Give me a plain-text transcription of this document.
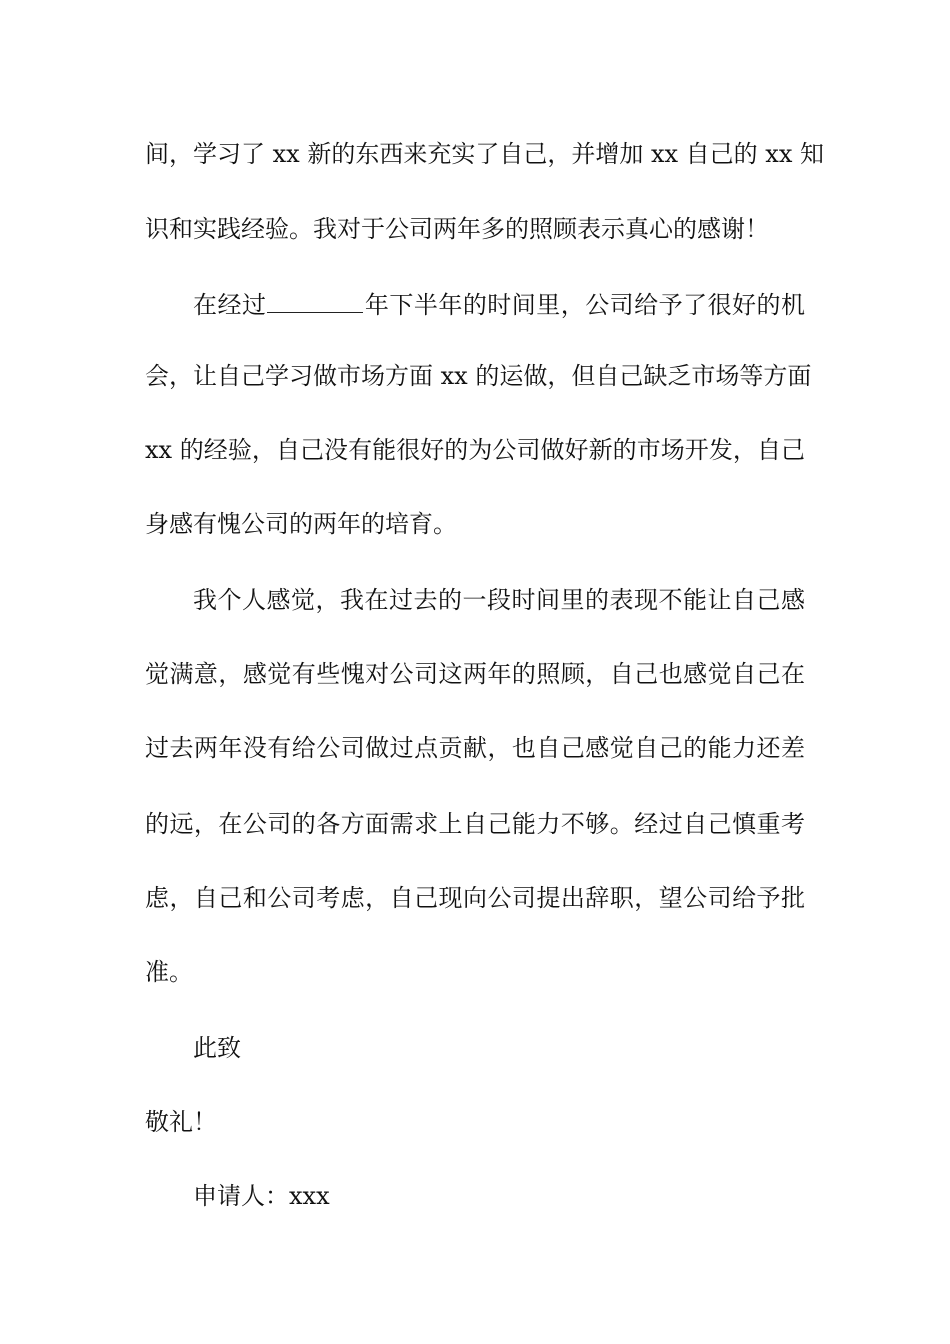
间，学习了 xx 新的东西来充实了自己，并增加 xx 自己的 xx 知
识和实践经验。我对于公司两年多的照顾表示真心的感谢！
在经过	年下半年的时间里，公司给予了很好的机
会，让自己学习做市场方面 xx 的运做，但自己缺乏市场等方面
xx 的经验，自己没有能很好的为公司做好新的市场开发，自己
身感有愧公司的两年的培育。
我个人感觉，我在过去的一段时间里的表现不能让自己感
觉满意，感觉有些愧对公司这两年的照顾，自己也感觉自己在
过去两年没有给公司做过点贡献，也自己感觉自己的能力还差
的远，在公司的各方面需求上自己能力不够。经过自己慎重考
虑，自己和公司考虑，自己现向公司提出辞职，望公司给予批
准。
此致
敬礼！
申请人：xxx
